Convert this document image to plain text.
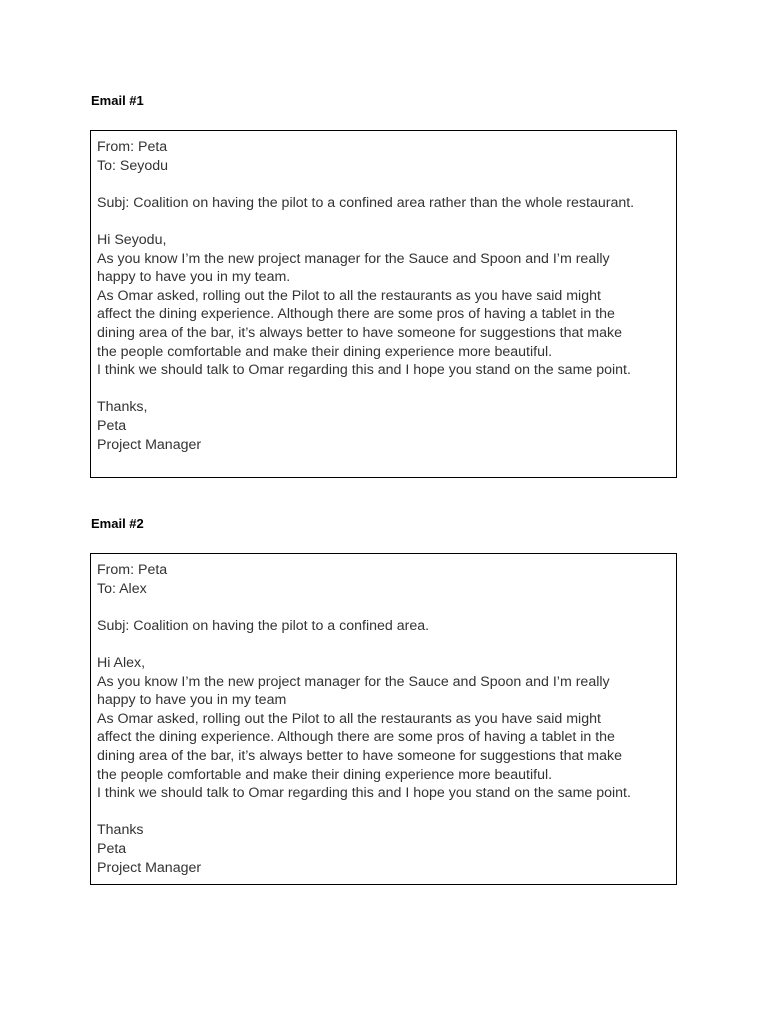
Email #1

From: Peta
To: Seyodu
Subj: Coalition on having the pilot to a confined area rather than the whole restaurant.
Hi Seyodu,
As you know I’m the new project manager for the Sauce and Spoon and I’m really
happy to have you in my team.
As Omar asked, rolling out the Pilot to all the restaurants as you have said might
affect the dining experience. Although there are some pros of having a tablet in the
dining area of the bar, it’s always better to have someone for suggestions that make
the people comfortable and make their dining experience more beautiful.
I think we should talk to Omar regarding this and I hope you stand on the same point.
Thanks,
Peta
Project Manager

Email #2

From: Peta
To: Alex
Subj: Coalition on having the pilot to a confined area.
Hi Alex,
As you know I’m the new project manager for the Sauce and Spoon and I’m really
happy to have you in my team
As Omar asked, rolling out the Pilot to all the restaurants as you have said might
affect the dining experience. Although there are some pros of having a tablet in the
dining area of the bar, it’s always better to have someone for suggestions that make
the people comfortable and make their dining experience more beautiful.
I think we should talk to Omar regarding this and I hope you stand on the same point.
Thanks
Peta
Project Manager
